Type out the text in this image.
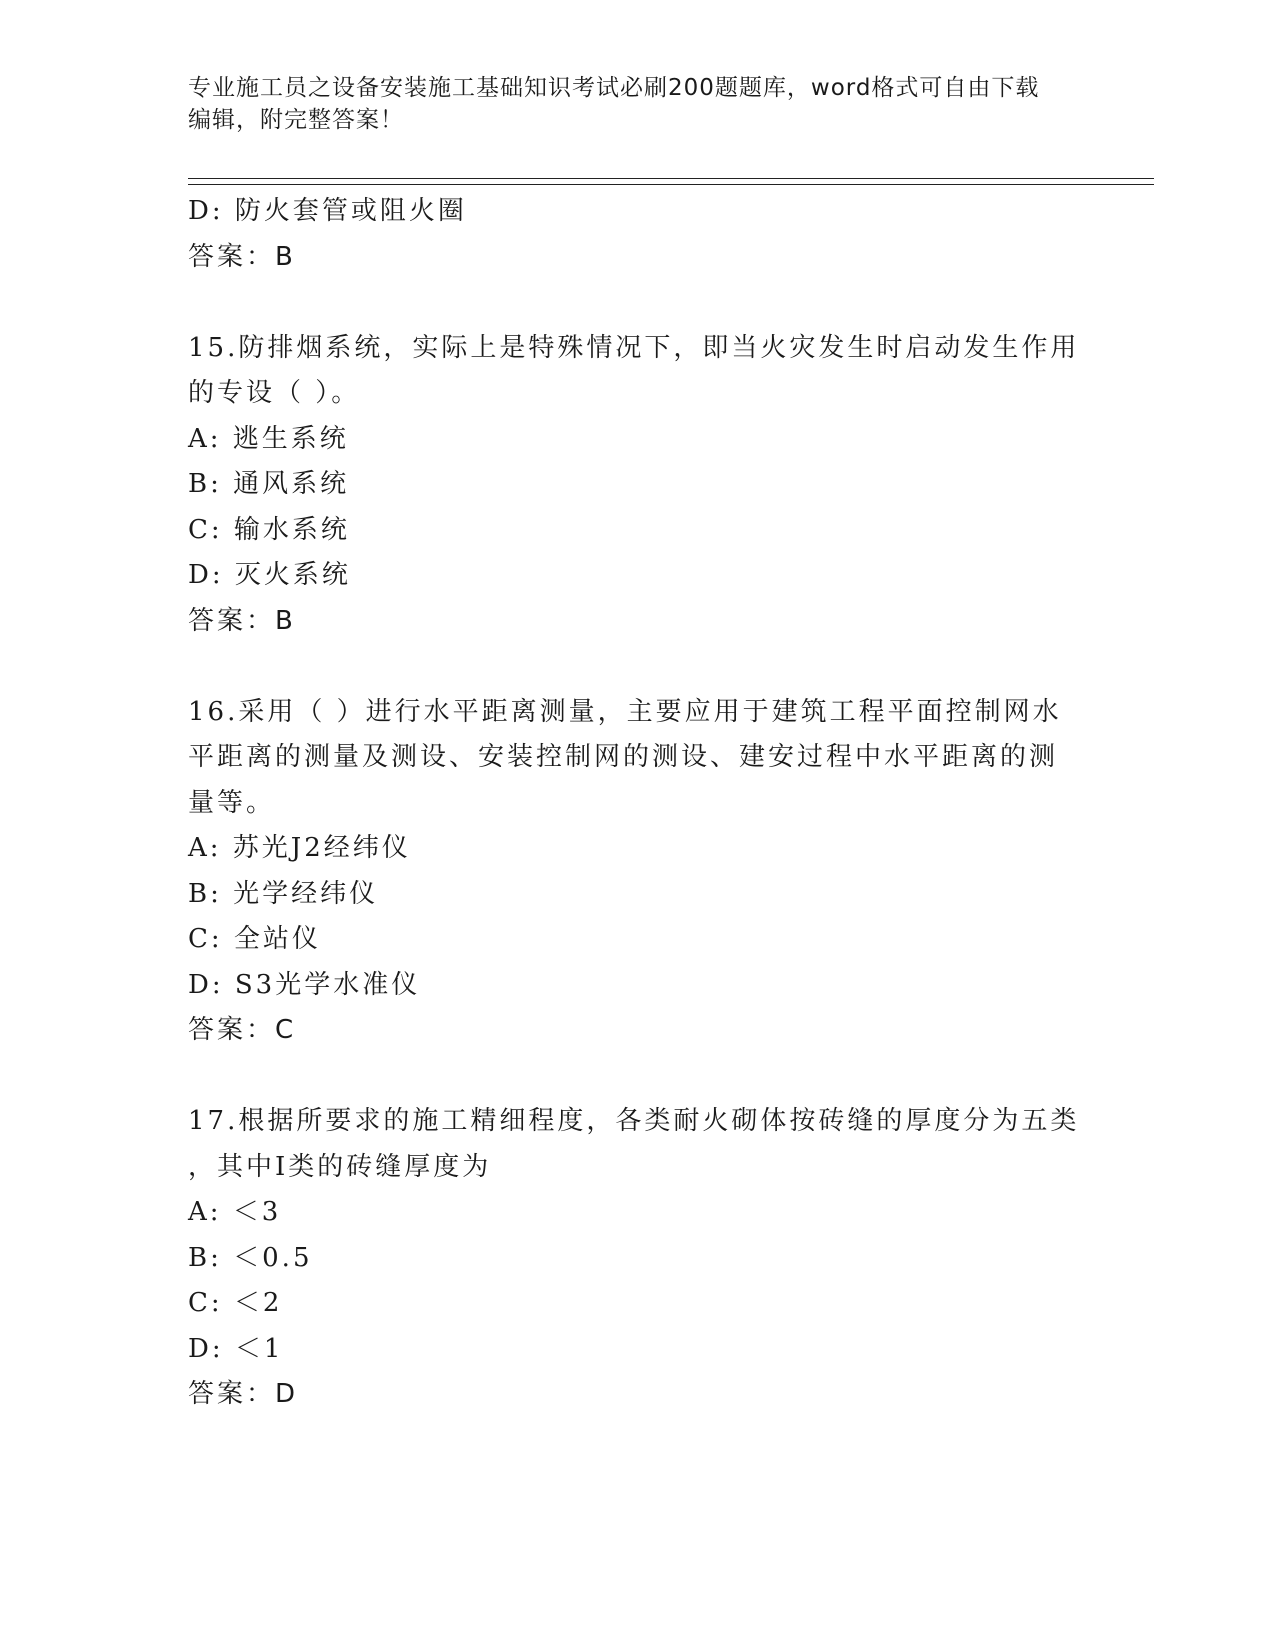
专业施工员之设备安装施工基础知识考试必刷200题题库，word格式可自由下载
编辑，附完整答案！
D: 防火套管或阻火圈
答案：B
15.防排烟系统，实际上是特殊情况下，即当火灾发生时启动发生作用
的专设（ ）。
A: 逃生系统
B: 通风系统
C: 输水系统
D: 灭火系统
答案：B
16.采用（ ）进行水平距离测量，主要应用于建筑工程平面控制网水
平距离的测量及测设、安装控制网的测设、建安过程中水平距离的测
量等。
A: 苏光J2经纬仪
B: 光学经纬仪
C: 全站仪
D: S3光学水准仪
答案：C
17.根据所要求的施工精细程度，各类耐火砌体按砖缝的厚度分为五类
，其中I类的砖缝厚度为
A: ＜3
B: ＜0.5
C: ＜2
D: ＜1
答案：D
